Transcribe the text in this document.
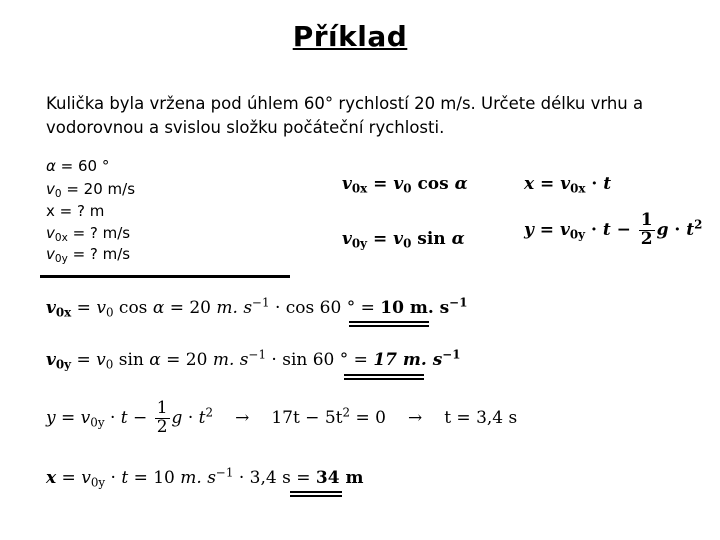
Příklad
Kulička byla vržena pod úhlem 60° rychlostí 20 m/s. Určete délku vrhu a vodorovnou a svislou složku počáteční rychlosti.
α = 60 °
$v_0 = 20$ m/s
x = ? m
$v_{0x}$ = ? m/s
$v_{0y}$ = ? m/s
$v_{0x} = v_0$ cos α
$v_{0y} = v_0$ sin α
$x = v_{0x} \cdot t$
$y = v_{0y} \cdot t - \frac{1}{2}$ $g \cdot t^2$
$v_{0x} = v_0$ cos α = 20 m. $s^{-1} \cdot \cos 60$ ° = 10 m. $s^{-1}$
$v_{0y} = v_0$ sin α = 20 m. $s^{-1} \cdot \sin 60$ ° = 17 m. $s^{-1}$
$y = v_{0y} \cdot t - \frac{1}{2}$ $g \cdot t^2 \to 17t - 5t^2 = 0 \to t = 3,4$ s
$x = v_{0y} \cdot t = 10$ m. $s^{-1} \cdot 3,4$ s = 34 m
